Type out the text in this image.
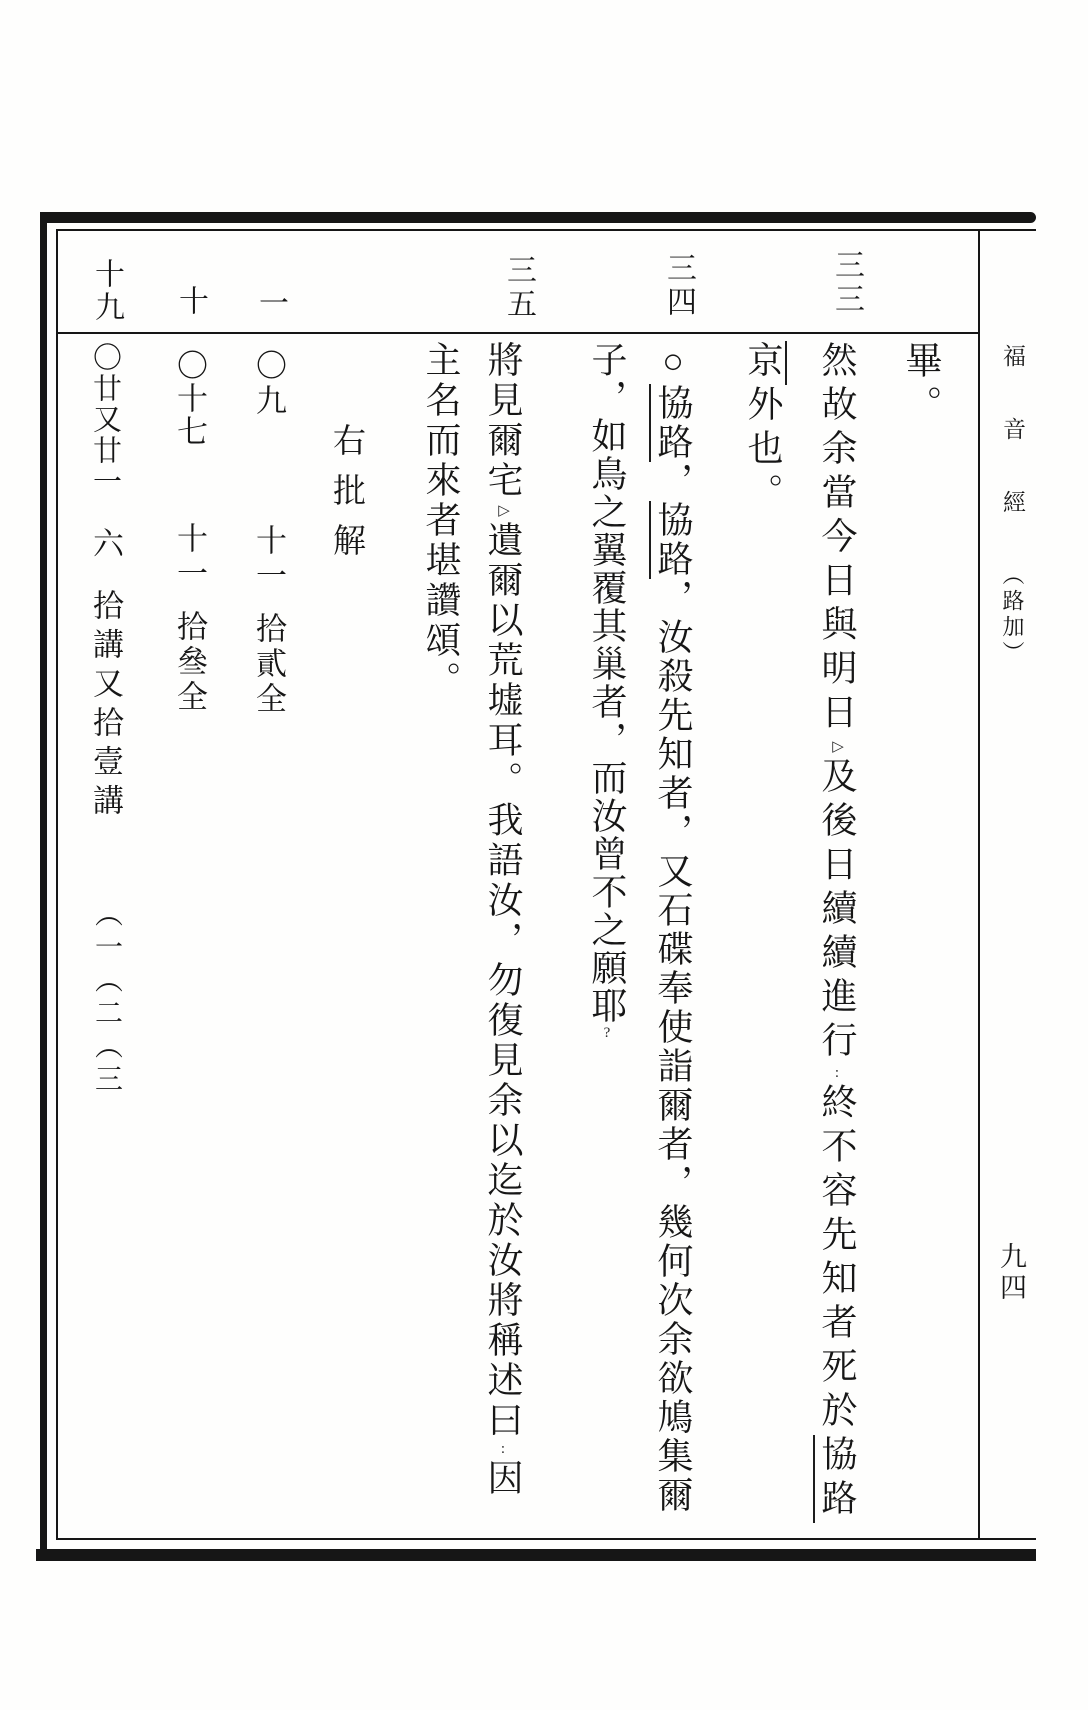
福音經（路加）
九四
三三
三四
三五
一
十
十九
畢。
然故余當今日與明日▷及後日續續進行:終不容先知者死於協路
京外也。
○協路，協路，汝殺先知者，又石碟奉使詣爾者，幾何次余欲鳩集爾
子，如鳥之翼覆其巢者，而汝曾不之願耶?
將見爾宅▷遺爾以荒墟耳。我語汝，勿復見余以迄於汝將稱述曰:因
主名而來者堪讚頌。
右批解
〇九
十一
拾貳全
〇十七
十一
拾叄全
〇廿又廿一
六
拾講又拾壹講
（一（二（三
